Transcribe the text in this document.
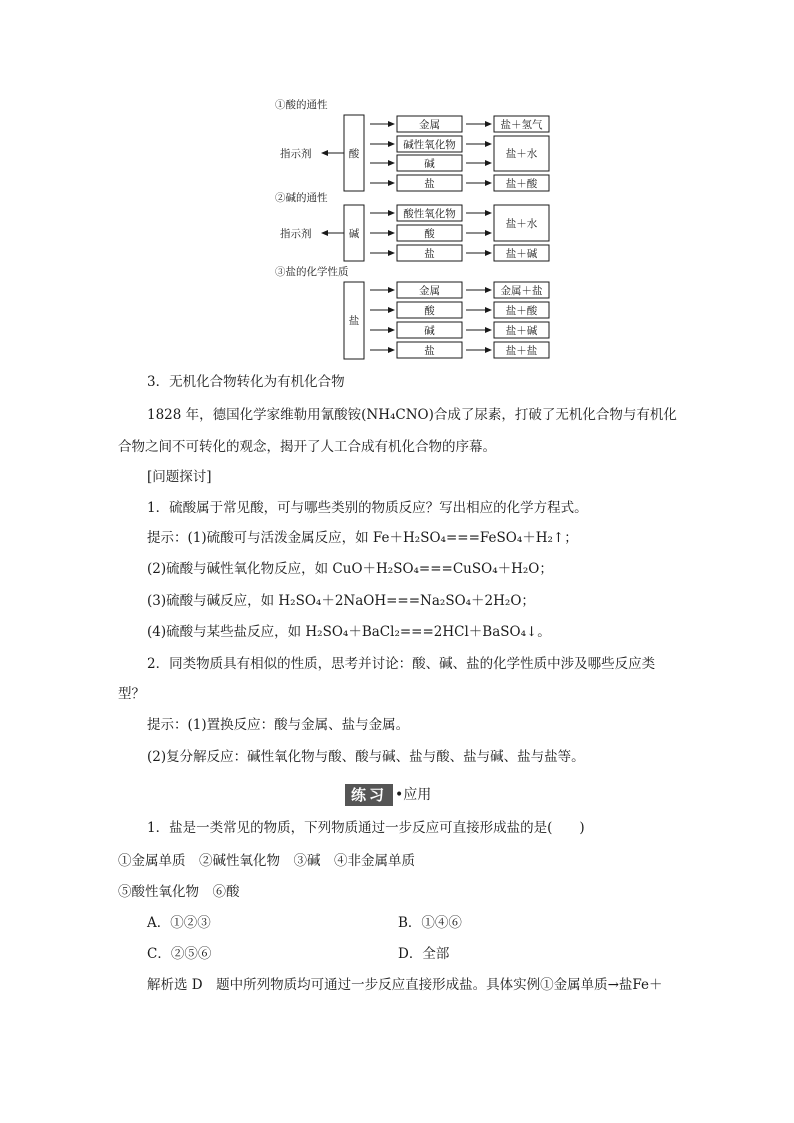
①酸的通性
指示剂	酸
金属
碱性氧化物
碱
盐
盐＋氢气
盐＋水
盐＋酸
②碱的通性
指示剂	碱
酸性氧化物
酸
盐
盐＋水
盐＋碱
③盐的化学性质
盐
金属
酸
碱
盐
金属＋盐
盐＋酸
盐＋碱
盐＋盐
3．无机化合物转化为有机化合物
1828 年，德国化学家维勒用氰酸铵(NH₄CNO)合成了尿素，打破了无机化合物与有机化
合物之间不可转化的观念，揭开了人工合成有机化合物的序幕。
[问题探讨]
1．硫酸属于常见酸，可与哪些类别的物质反应？写出相应的化学方程式。
提示：(1)硫酸可与活泼金属反应，如 Fe＋H₂SO₄===FeSO₄＋H₂↑；
(2)硫酸与碱性氧化物反应，如 CuO＋H₂SO₄===CuSO₄＋H₂O；
(3)硫酸与碱反应，如 H₂SO₄＋2NaOH===Na₂SO₄＋2H₂O；
(4)硫酸与某些盐反应，如 H₂SO₄＋BaCl₂===2HCl＋BaSO₄↓。
2．同类物质具有相似的性质，思考并讨论：酸、碱、盐的化学性质中涉及哪些反应类
型？
提示：(1)置换反应：酸与金属、盐与金属。
(2)复分解反应：碱性氧化物与酸、酸与碱、盐与酸、盐与碱、盐与盐等。
练习 •应用
1．盐是一类常见的物质，下列物质通过一步反应可直接形成盐的是(　　)
①金属单质　②碱性氧化物　③碱　④非金属单质
⑤酸性氧化物　⑥酸
A．①②③	B．①④⑥
C．②⑤⑥	D．全部
解析选 D　题中所列物质均可通过一步反应直接形成盐。具体实例①金属单质→盐Fe＋
